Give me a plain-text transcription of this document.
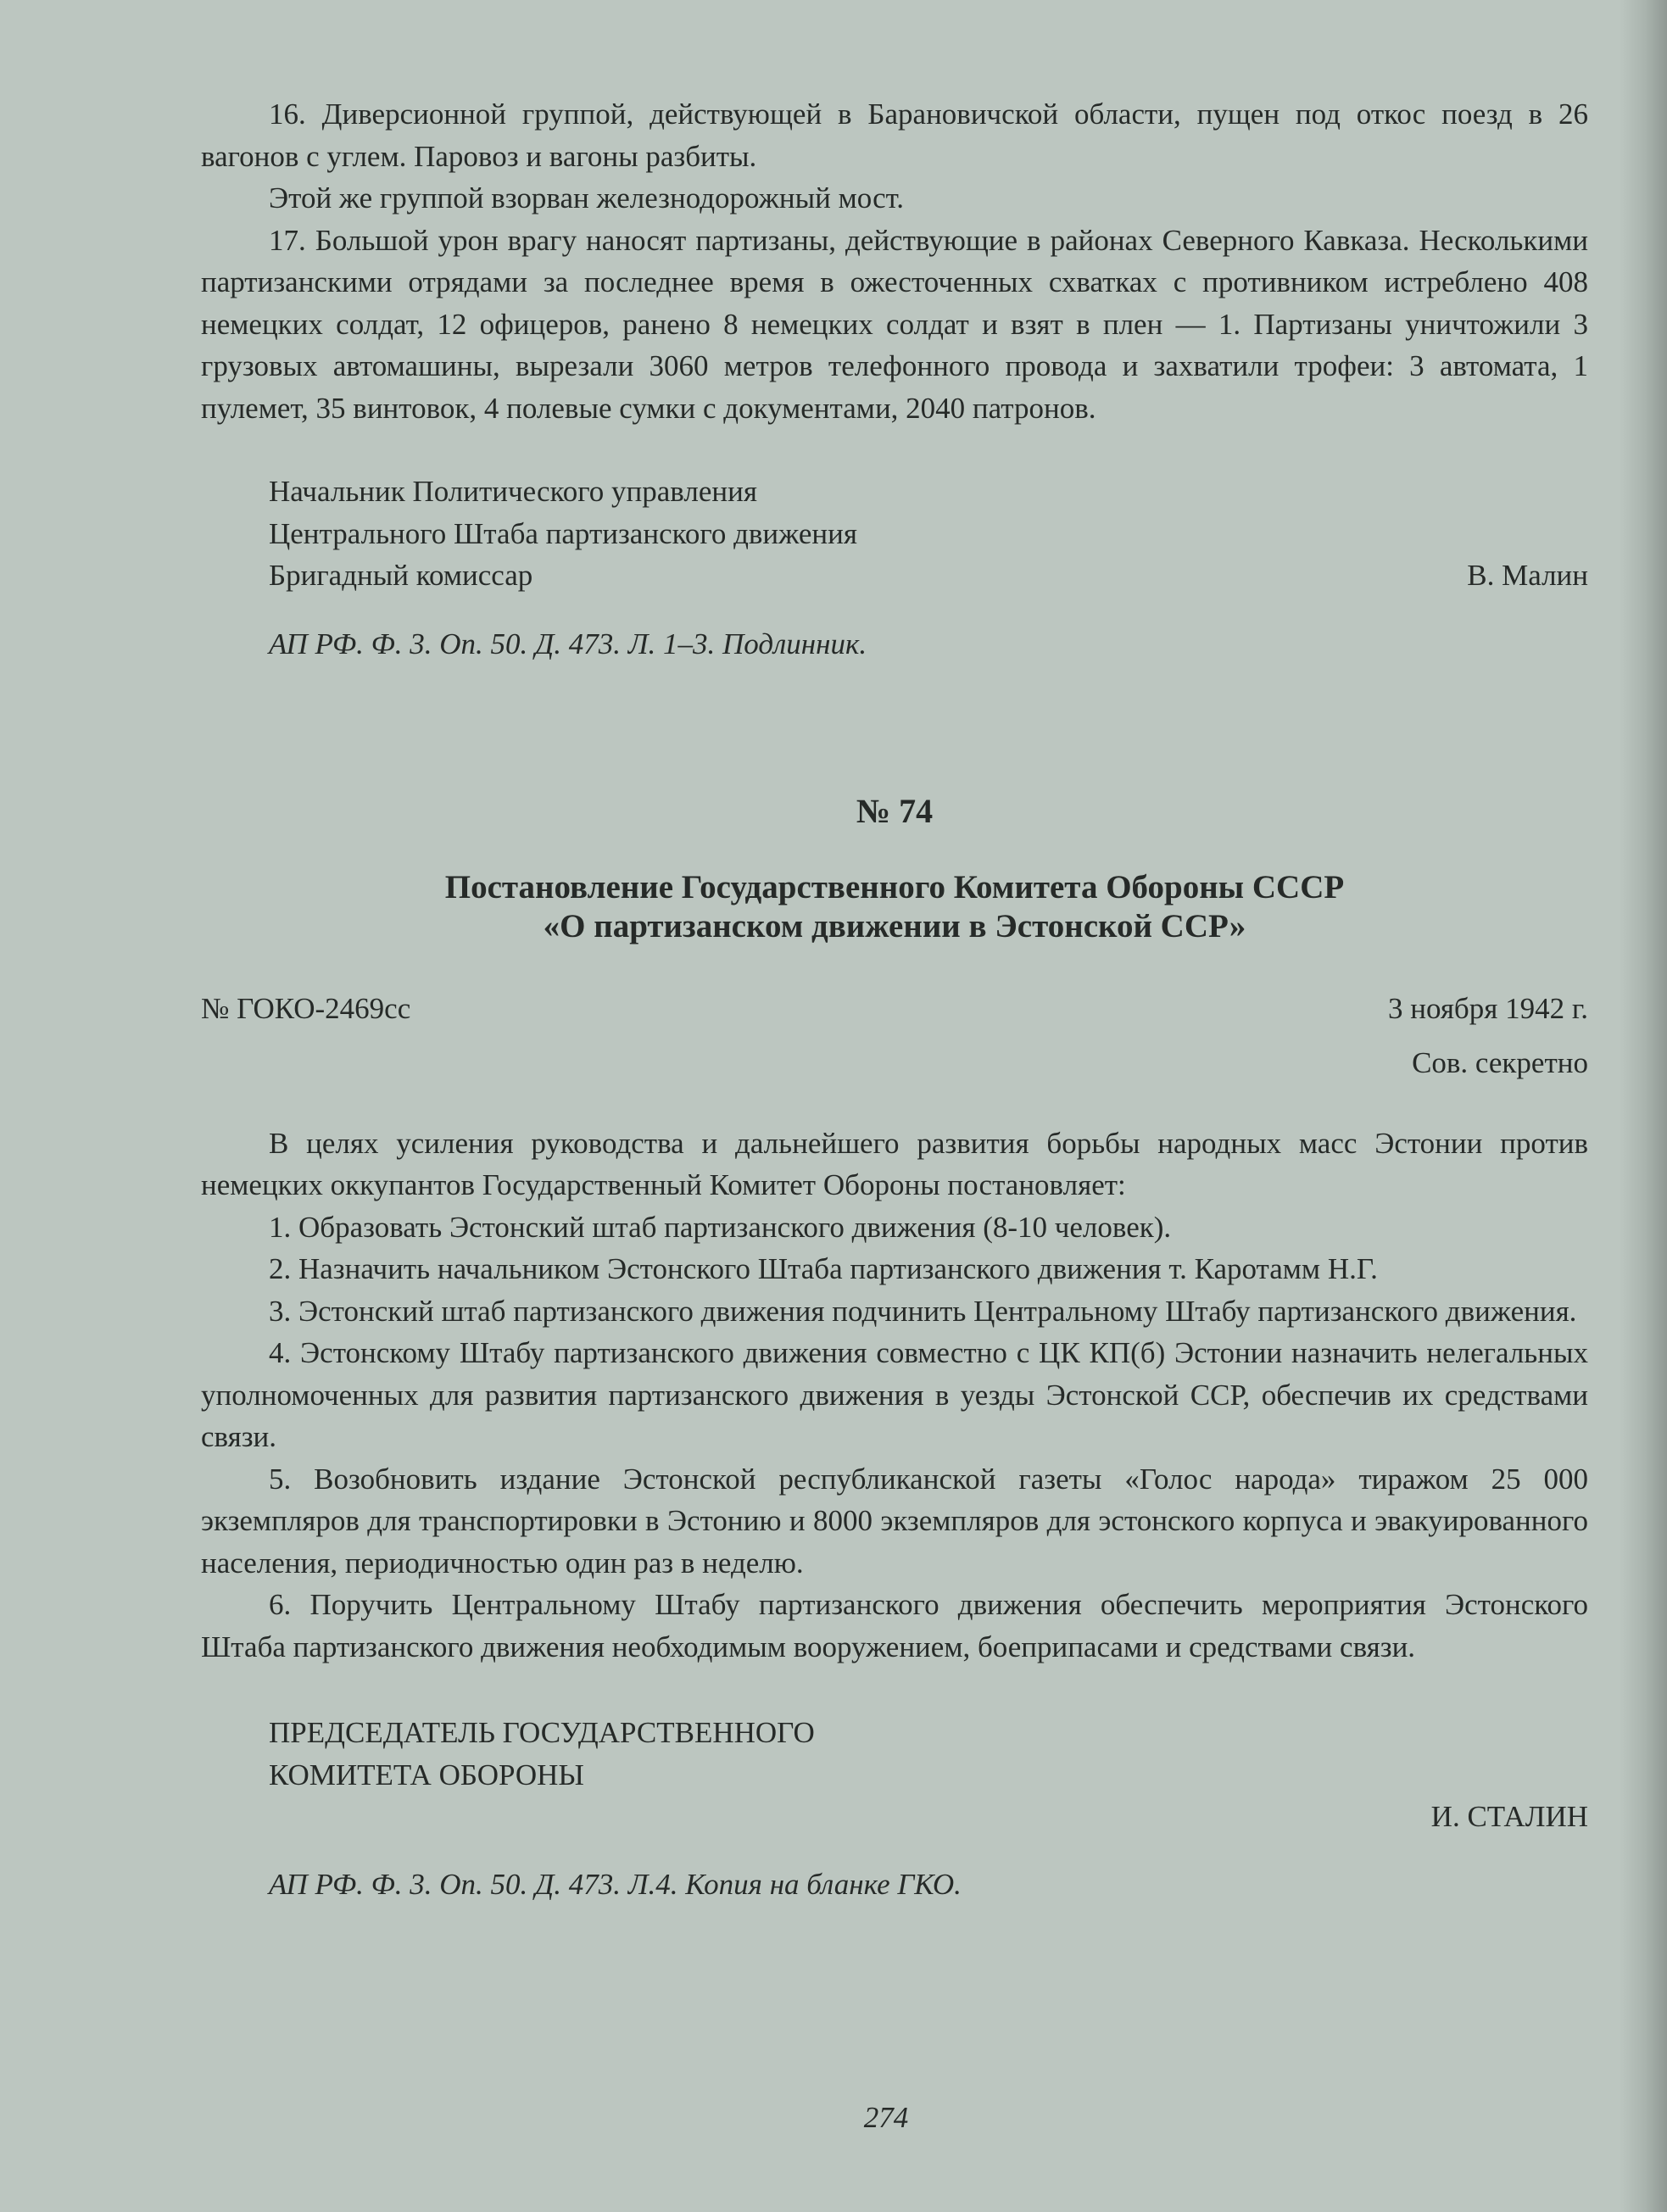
16. Диверсионной группой, действующей в Барановичской области, пущен под откос поезд в 26 вагонов с углем. Паровоз и вагоны разбиты.

Этой же группой взорван железнодорожный мост.

17. Большой урон врагу наносят партизаны, действующие в районах Северного Кавказа. Несколькими партизанскими отрядами за последнее время в ожесточенных схватках с противником истреблено 408 немецких солдат, 12 офицеров, ранено 8 немецких солдат и взят в плен — 1. Партизаны уничтожили 3 грузовых автомашины, вырезали 3060 метров телефонного провода и захватили трофеи: 3 автомата, 1 пулемет, 35 винтовок, 4 полевые сумки с документами, 2040 патронов.

Начальник Политического управления
Центрального Штаба партизанского движения
Бригадный комиссар	В. Малин

АП РФ. Ф. 3. Оп. 50. Д. 473. Л. 1–3. Подлинник.

№ 74

Постановление Государственного Комитета Обороны СССР

«О партизанском движении в Эстонской ССР»

№ ГОКО-2469сс	3 ноября 1942 г.

Сов. секретно

В целях усиления руководства и дальнейшего развития борьбы народных масс Эстонии против немецких оккупантов Государственный Комитет Обороны постановляет:

1. Образовать Эстонский штаб партизанского движения (8-10 человек).

2. Назначить начальником Эстонского Штаба партизанского движения т. Каротамм Н.Г.

3. Эстонский штаб партизанского движения подчинить Центральному Штабу партизанского движения.

4. Эстонскому Штабу партизанского движения совместно с ЦК КП(б) Эстонии назначить нелегальных уполномоченных для развития партизанского движения в уезды Эстонской ССР, обеспечив их средствами связи.

5. Возобновить издание Эстонской республиканской газеты «Голос народа» тиражом 25 000 экземпляров для транспортировки в Эстонию и 8000 экземпляров для эстонского корпуса и эвакуированного населения, периодичностью один раз в неделю.

6. Поручить Центральному Штабу партизанского движения обеспечить мероприятия Эстонского Штаба партизанского движения необходимым вооружением, боеприпасами и средствами связи.

ПРЕДСЕДАТЕЛЬ ГОСУДАРСТВЕННОГО
КОМИТЕТА ОБОРОНЫ
И. СТАЛИН

АП РФ. Ф. 3. Оп. 50. Д. 473. Л.4. Копия на бланке ГКО.

274
